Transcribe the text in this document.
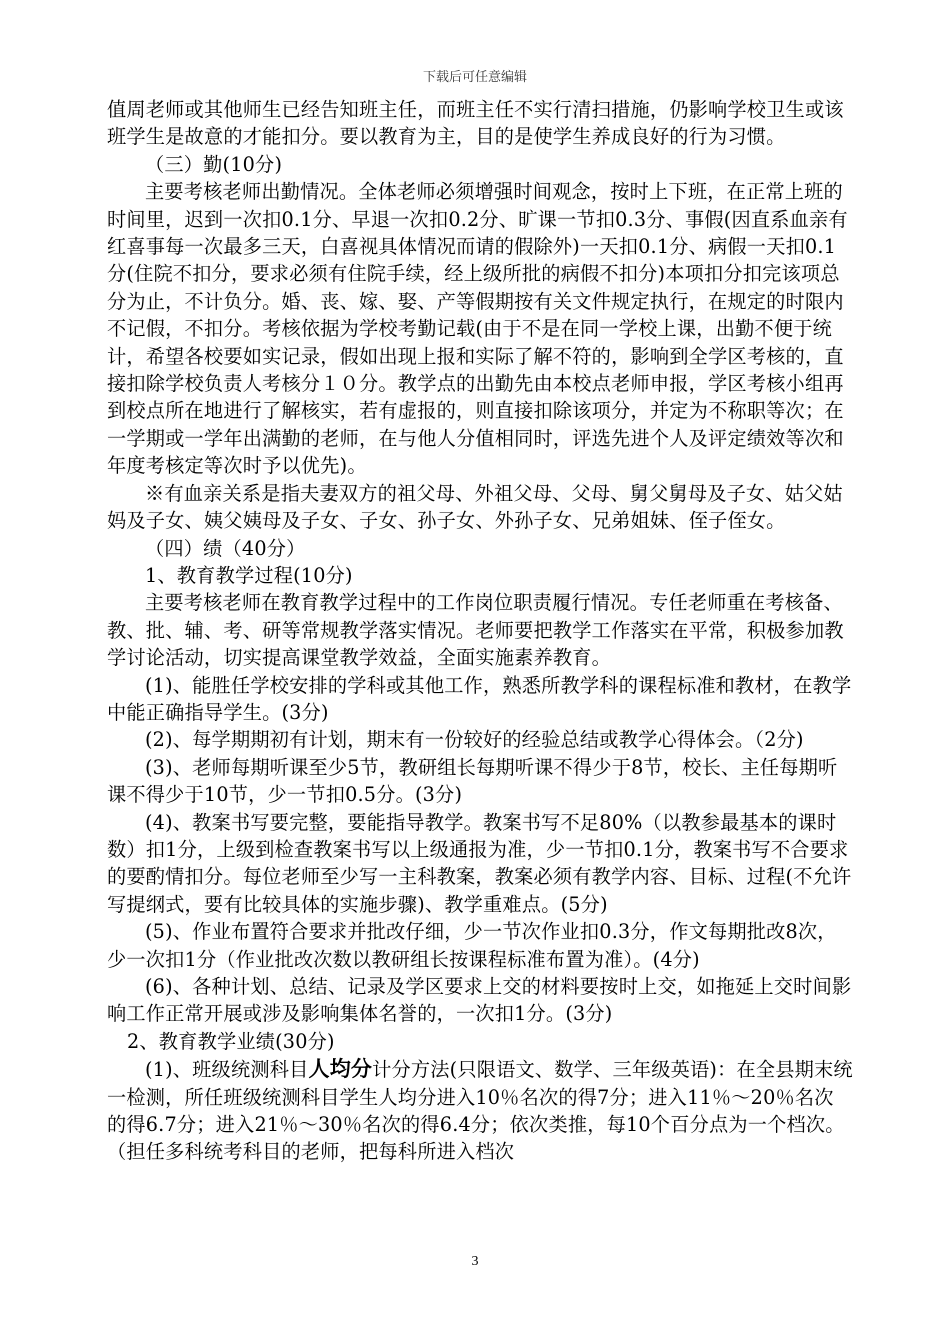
下载后可任意编辑

值周老师或其他师生已经告知班主任，而班主任不实行清扫措施，仍影响学校卫生或该班学生是故意的才能扣分。要以教育为主，目的是使学生养成良好的行为习惯。

（三）勤(10分)

主要考核老师出勤情况。全体老师必须增强时间观念，按时上下班，在正常上班的时间里，迟到一次扣0.1分、早退一次扣0.2分、旷课一节扣0.3分、事假(因直系血亲有红喜事每一次最多三天，白喜视具体情况而请的假除外)一天扣0.1分、病假一天扣0.1分(住院不扣分，要求必须有住院手续，经上级所批的病假不扣分)本项扣分扣完该项总分为止，不计负分。婚、丧、嫁、娶、产等假期按有关文件规定执行，在规定的时限内不记假，不扣分。考核依据为学校考勤记载(由于不是在同一学校上课，出勤不便于统计，希望各校要如实记录，假如出现上报和实际了解不符的，影响到全学区考核的，直接扣除学校负责人考核分１０分。教学点的出勤先由本校点老师申报，学区考核小组再到校点所在地进行了解核实，若有虚报的，则直接扣除该项分，并定为不称职等次；在一学期或一学年出满勤的老师，在与他人分值相同时，评选先进个人及评定绩效等次和年度考核定等次时予以优先)。

※有血亲关系是指夫妻双方的祖父母、外祖父母、父母、舅父舅母及子女、姑父姑妈及子女、姨父姨母及子女、子女、孙子女、外孙子女、兄弟姐妹、侄子侄女。

（四）绩（40分）

1、教育教学过程(10分)

主要考核老师在教育教学过程中的工作岗位职责履行情况。专任老师重在考核备、教、批、辅、考、研等常规教学落实情况。老师要把教学工作落实在平常，积极参加教学讨论活动，切实提高课堂教学效益，全面实施素养教育。

(1)、能胜任学校安排的学科或其他工作，熟悉所教学科的课程标准和教材，在教学中能正确指导学生。(3分)

(2)、每学期期初有计划，期末有一份较好的经验总结或教学心得体会。（2分)

(3)、老师每期听课至少5节，教研组长每期听课不得少于8节，校长、主任每期听课不得少于10节，少一节扣0.5分。(3分)

(4)、教案书写要完整，要能指导教学。教案书写不足80%（以教参最基本的课时数）扣1分，上级到检查教案书写以上级通报为准，少一节扣0.1分，教案书写不合要求的要酌情扣分。每位老师至少写一主科教案，教案必须有教学内容、目标、过程(不允许写提纲式，要有比较具体的实施步骤)、教学重难点。(5分)

(5)、作业布置符合要求并批改仔细，少一节次作业扣0.3分，作文每期批改8次，少一次扣1分（作业批改次数以教研组长按课程标准布置为准）。(4分)

(6)、各种计划、总结、记录及学区要求上交的材料要按时上交，如拖延上交时间影响工作正常开展或涉及影响集体名誉的，一次扣1分。(3分)

2、教育教学业绩(30分)

(1)、班级统测科目人均分计分方法(只限语文、数学、三年级英语)：在全县期末统一检测，所任班级统测科目学生人均分进入10％名次的得7分；进入11％～20％名次的得6.7分；进入21％～30％名次的得6.4分；依次类推，每10个百分点为一个档次。（担任多科统考科目的老师，把每科所进入档次

3
